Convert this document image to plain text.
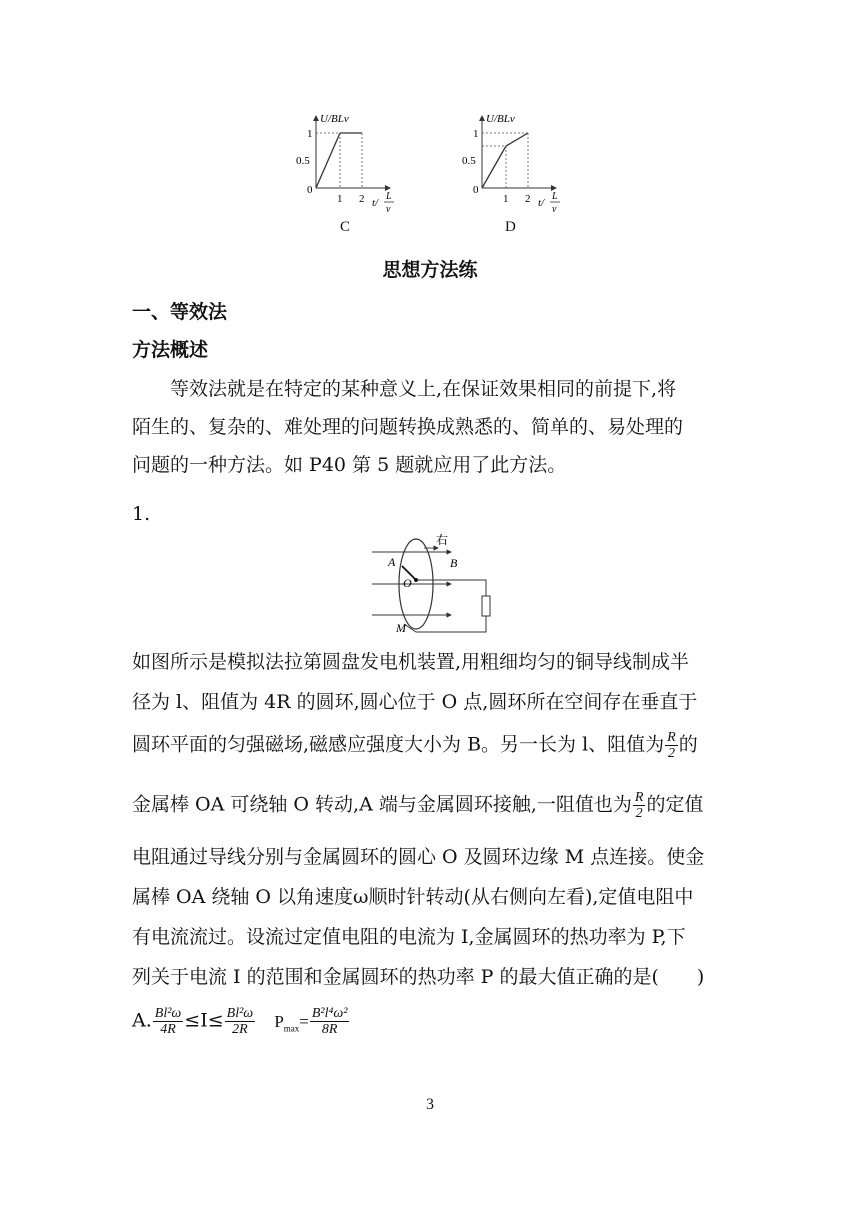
U/BLv
1
0.5
0
1 2 t/
L
v
C
U/BLv
1
0.5
0
1 2 t/
L
v
D
思想方法练
一、等效法
方法概述
等效法就是在特定的某种意义上,在保证效果相同的前提下,将
陌生的、复杂的、难处理的问题转换成熟悉的、简单的、易处理的
问题的一种方法。如 P40 第 5 题就应用了此方法。
1.
右
A	B
O
M
如图所示是模拟法拉第圆盘发电机装置,用粗细均匀的铜导线制成半
径为 l、阻值为 4R 的圆环,圆心位于 O 点,圆环所在空间存在垂直于
圆环平面的匀强磁场,磁感应强度大小为 B。另一长为 l、阻值为 $\frac{R}{2}$ 的
金属棒 OA 可绕轴 O 转动,A 端与金属圆环接触,一阻值也为 $\frac{R}{2}$ 的定值
电阻通过导线分别与金属圆环的圆心 O 及圆环边缘 M 点连接。使金
属棒 OA 绕轴 O 以角速度ω顺时针转动(从右侧向左看),定值电阻中
有电流流过。设流过定值电阻的电流为 I,金属圆环的热功率为 P,下
列关于电流 I 的范围和金属圆环的热功率 P 的最大值正确的是(　　)
A. $\frac{\text{Bl²ω}}{4R} \le I\le \frac{\text{Bl²ω}}{2R} P_{max}= \frac{\text{B²l⁴ω²}}{8R}$
3
